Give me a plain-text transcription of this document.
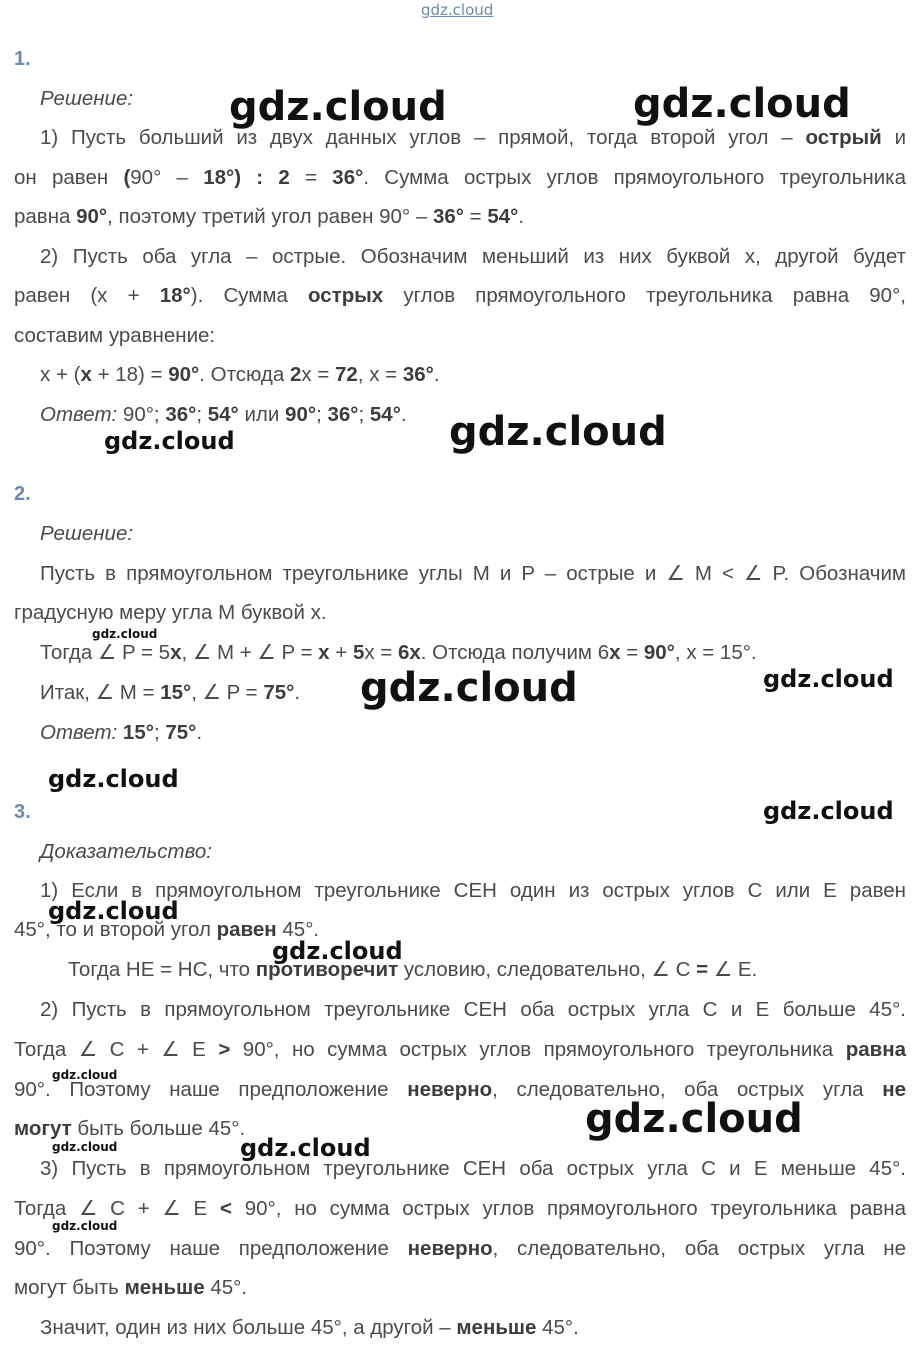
gdz.cloud
1.
Решение:
1) Пусть больший из двух данных углов – прямой, тогда второй угол – острый и
он равен (90° – 18°) : 2 = 36°. Сумма острых углов прямоугольного треугольника
равна 90°, поэтому третий угол равен 90° – 36° = 54°.
2) Пусть оба угла – острые. Обозначим меньший из них буквой x, другой будет
равен (x + 18°). Сумма острых углов прямоугольного треугольника равна 90°,
составим уравнение:
x + (x + 18) = 90°. Отсюда 2x = 72, x = 36°.
Ответ: 90°; 36°; 54° или 90°; 36°; 54°.
2.
Решение:
Пусть в прямоугольном треугольнике углы M и P – острые и ∠ M < ∠ P. Обозначим
градусную меру угла M буквой x.
Тогда ∠ P = 5x, ∠ M + ∠ P = x + 5x = 6x. Отсюда получим 6x = 90°, x = 15°.
Итак, ∠ M = 15°, ∠ P = 75°.
Ответ: 15°; 75°.
3.
Доказательство:
1) Если в прямоугольном треугольнике CEH один из острых углов C или E равен
45°, то и второй угол равен 45°.
Тогда HE = HC, что противоречит условию, следовательно, ∠ C = ∠ E.
2) Пусть в прямоугольном треугольнике CEH оба острых угла C и E больше 45°.
Тогда ∠ C + ∠ E > 90°, но сумма острых углов прямоугольного треугольника равна
90°. Поэтому наше предположение неверно, следовательно, оба острых угла не
могут быть больше 45°.
3) Пусть в прямоугольном треугольнике CEH оба острых угла C и E меньше 45°.
Тогда ∠ C + ∠ E < 90°, но сумма острых углов прямоугольного треугольника равна
90°. Поэтому наше предположение неверно, следовательно, оба острых угла не
могут быть меньше 45°.
Значит, один из них больше 45°, а другой – меньше 45°.
gdz.cloud	gdz.cloud
gdz.cloud	gdz.cloud
gdz.cloud
gdz.cloud	gdz.cloud
gdz.cloud
gdz.cloud
gdz.cloud
gdz.cloud
gdz.cloud
gdz.cloud
gdz.cloud	gdz.cloud
gdz.cloud
